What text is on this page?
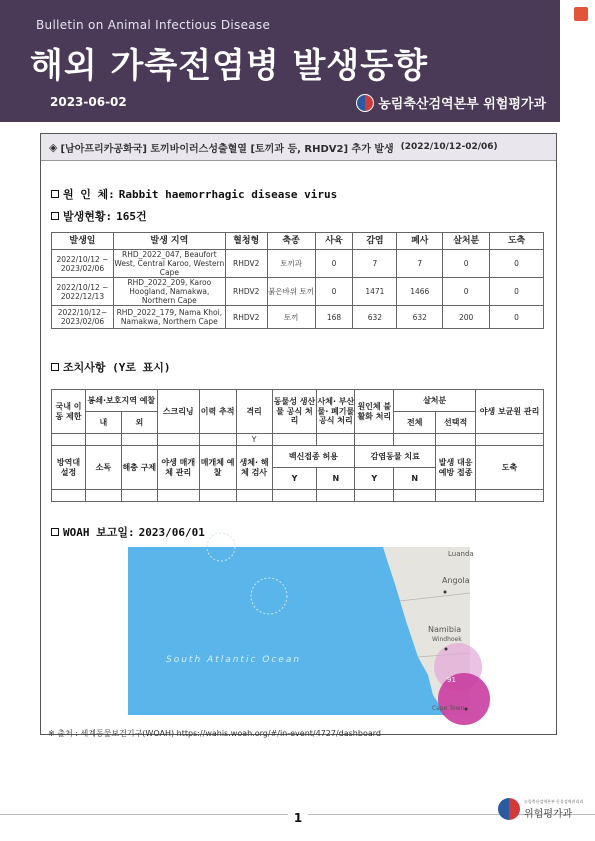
Bulletin on Animal Infectious Disease
해외 가축전염병 발생동향
2023-06-02	농림축산검역본부 위험평가과
◈ [남아프리카공화국] 토끼바이러스성출혈열 [토끼과 등, RHDV2] 추가 발생 (2022/10/12-02/06)
원 인 체: Rabbit haemorrhagic disease virus
발생현황: 165건
발생일	발생 지역	혈청형	축종	사육	감염	폐사	살처분	도축
2022/10/12 ~ 2023/02/06	RHD_2022_047, Beaufort West, Central Karoo, Western Cape	RHDV2	토끼과	0	7	7	0	0
2022/10/12 ~ 2022/12/13	RHD_2022_209, Karoo Hoogland, Namakwa, Northern Cape	RHDV2	붉은바위 토끼	0	1471	1466	0	0
2022/10/12~ 2023/02/06	RHD_2022_179, Nama Khoi, Namakwa, Northern Cape	RHDV2	토끼	168	632	632	200	0
조치사항 (Y로 표시)
국내 이동 제한	봉쇄·보호지역 예찰		스크리닝	이력 추적	격리	동물성 생산물 공식 처리	사체· 부산물· 폐기물 공식 처리	원인체 불활화 처리	살처분		야생 보균원 관리
	내	외							전체	선택적	
					Y						
방역대 설정	소독	해충 구제	야생 매개체 관리	매개체 예찰	생체· 해체 검사	백신접종 허용		감염동물 치료		발생 대응 예방 접종	도축
						Y	N	Y	N		

WOAH 보고일: 2023/06/01
South Atlantic Ocean
Luanda
Angola
Namibia
Windhoek
91
Cape Town
※ 출처 : 세계동물보건기구(WOAH) https://wahis.woah.org/#/in-event/4727/dashboard
1
농림축산검역본부 동물검역관리과
위험평가과
